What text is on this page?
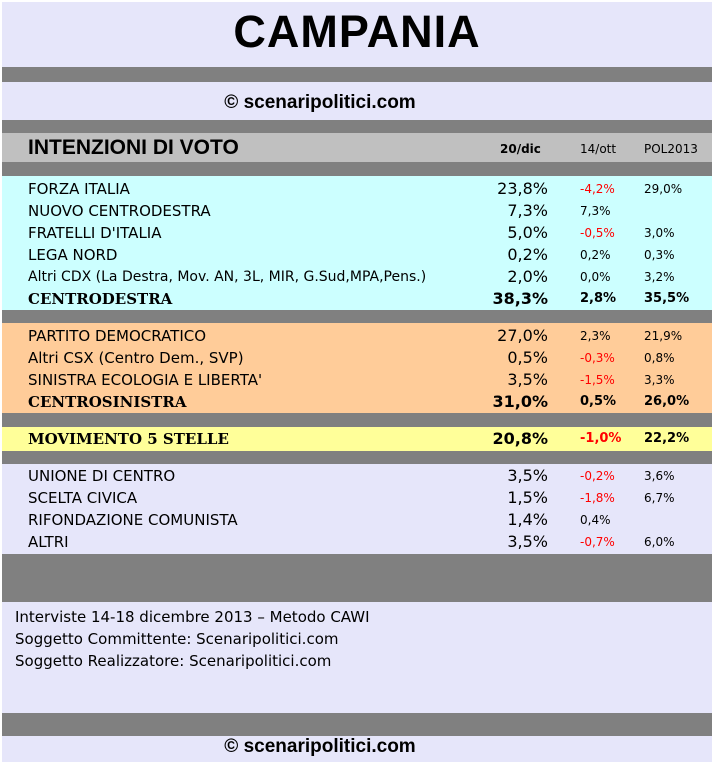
CAMPANIA
© scenaripolitici.com
INTENZIONI DI VOTO	20/dic	14/ott POL2013
FORZA ITALIA	23,8%	-4,2% 29,0%
NUOVO CENTRODESTRA	7,3%	7,3%
FRATELLI D'ITALIA	5,0%	-0,5% 3,0%
LEGA NORD	0,2%	0,2%	0,3%
Altri CDX (La Destra, Mov. AN, 3L, MIR, G.Sud,MPA,Pens.)	2,0%	0,0%	3,2%
CENTRODESTRA	38,3% 2,8% 35,5%
PARTITO DEMOCRATICO	27,0%	2,3%	21,9%
Altri CSX (Centro Dem., SVP)	0,5%	-0,3% 0,8%
SINISTRA ECOLOGIA E LIBERTA'	3,5%	-1,5% 3,3%
CENTROSINISTRA	31,0% 0,5% 26,0%
MOVIMENTO 5 STELLE	20,8% -1,0% 22,2%
UNIONE DI CENTRO	3,5%	-0,2% 3,6%
SCELTA CIVICA	1,5%	-1,8% 6,7%
RIFONDAZIONE COMUNISTA	1,4%	0,4%
ALTRI	3,5%	-0,7% 6,0%
Interviste 14-18 dicembre 2013 – Metodo CAWI
Soggetto Committente: Scenaripolitici.com
Soggetto Realizzatore: Scenaripolitici.com
© scenaripolitici.com
